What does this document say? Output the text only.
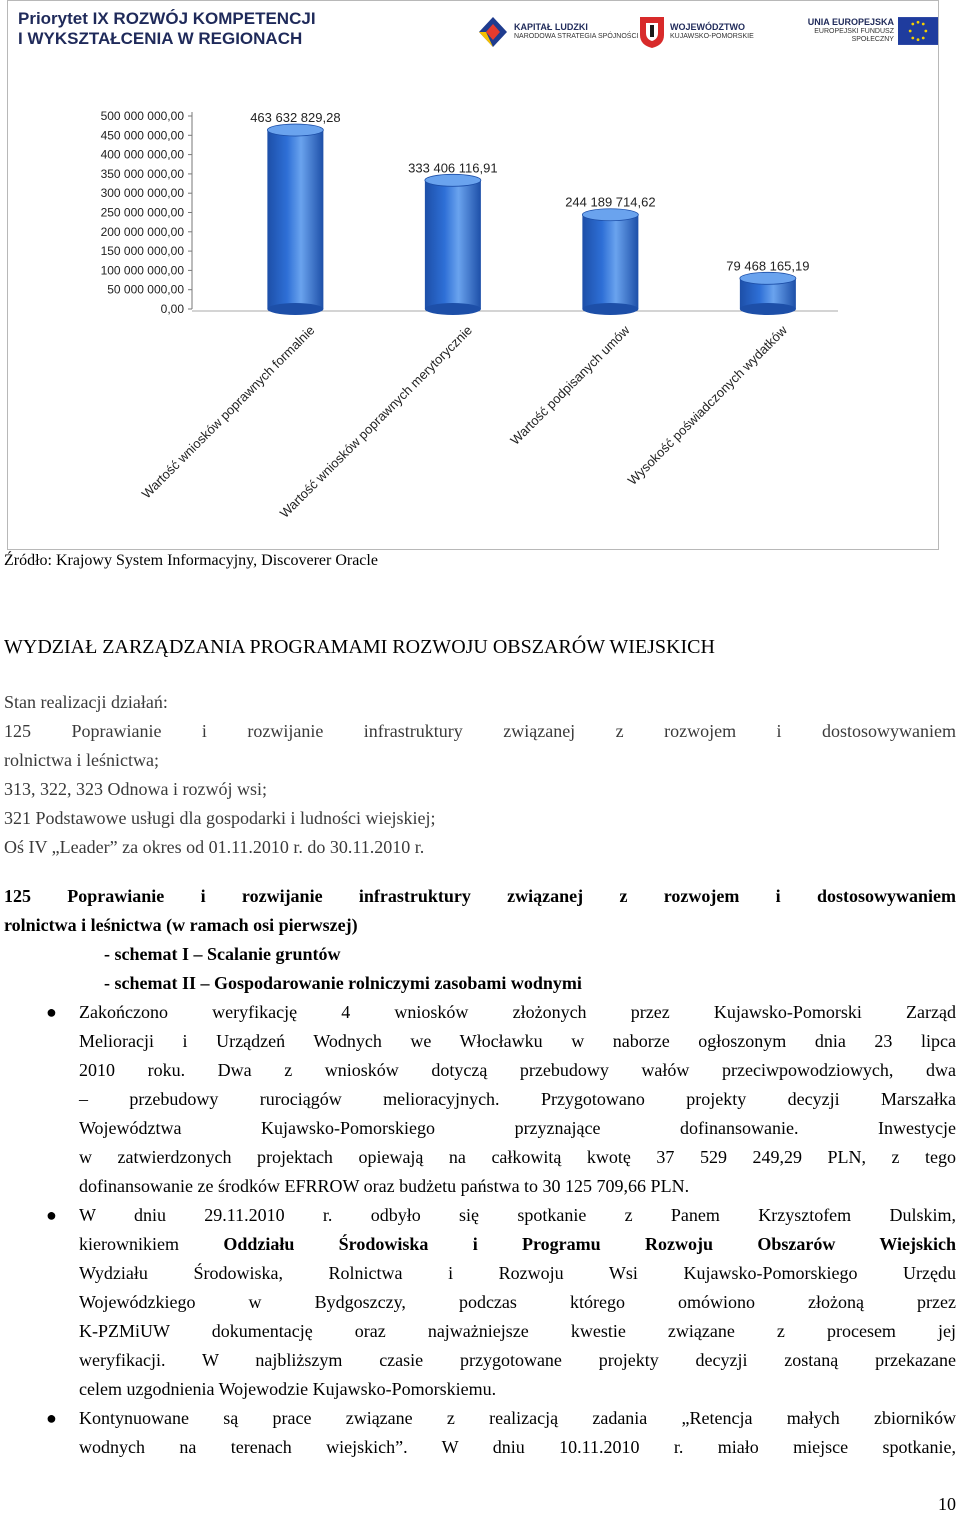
Priorytet IX ROZWÓJ KOMPETENCJI
I WYKSZTAŁCENIA W REGIONACH
KAPITAŁ LUDZKI
NARODOWA STRATEGIA SPÓJNOŚCI
WOJEWÓDZTWO
KUJAWSKO-POMORSKIE
UNIA EUROPEJSKA
EUROPEJSKI FUNDUSZ SPOŁECZNY
0,00
50 000 000,00
100 000 000,00
150 000 000,00
200 000 000,00
250 000 000,00
300 000 000,00
350 000 000,00
400 000 000,00
450 000 000,00
500 000 000,00	463 632 829,28
Wartość wniosków poprawnych formalnie
333 406 116,91
Wartość wniosków poprawnych merytorycznie
244 189 714,62
Wartość podpisanych umów
79 468 165,19
Wysokość poświadczonych wydatków
Źródło: Krajowy System Informacyjny, Discoverer Oracle
WYDZIAŁ ZARZĄDZANIA PROGRAMAMI ROZWOJU OBSZARÓW WIEJSKICH
Stan realizacji działań:
125 Poprawianie i rozwijanie infrastruktury związanej z rozwojem i dostosowywaniem
rolnictwa i leśnictwa;
313, 322, 323 Odnowa i rozwój wsi;
321 Podstawowe usługi dla gospodarki i ludności wiejskiej;
Oś IV „Leader” za okres od 01.11.2010 r. do 30.11.2010 r.
125 Poprawianie i rozwijanie infrastruktury związanej z rozwojem i dostosowywaniem
rolnictwa i leśnictwa (w ramach osi pierwszej)
- schemat I – Scalanie gruntów
- schemat II – Gospodarowanie rolniczymi zasobami wodnymi
● Zakończono weryfikację 4 wniosków złożonych przez Kujawsko-Pomorski Zarząd
Melioracji i Urządzeń Wodnych we Włocławku w naborze ogłoszonym dnia 23 lipca
2010 roku. Dwa z wniosków dotyczą przebudowy wałów przeciwpowodziowych, dwa
– przebudowy rurociągów melioracyjnych. Przygotowano projekty decyzji Marszałka
Województwa Kujawsko-Pomorskiego przyznające dofinansowanie. Inwestycje
w zatwierdzonych projektach opiewają na całkowitą kwotę 37 529 249,29 PLN, z tego
dofinansowanie ze środków EFRROW oraz budżetu państwa to 30 125 709,66 PLN.
● W dniu 29.11.2010 r. odbyło się spotkanie z Panem Krzysztofem Dulskim,
kierownikiem Oddziału Środowiska i Programu Rozwoju Obszarów Wiejskich
Wydziału Środowiska, Rolnictwa i Rozwoju Wsi Kujawsko-Pomorskiego Urzędu
Wojewódzkiego w Bydgoszczy, podczas którego omówiono złożoną przez
K-PZMiUW dokumentację oraz najważniejsze kwestie związane z procesem jej
weryfikacji. W najbliższym czasie przygotowane projekty decyzji zostaną przekazane
celem uzgodnienia Wojewodzie Kujawsko-Pomorskiemu.
● Kontynuowane są prace związane z realizacją zadania „Retencja małych zbiorników
wodnych na terenach wiejskich”. W dniu 10.11.2010 r. miało miejsce spotkanie,
10
